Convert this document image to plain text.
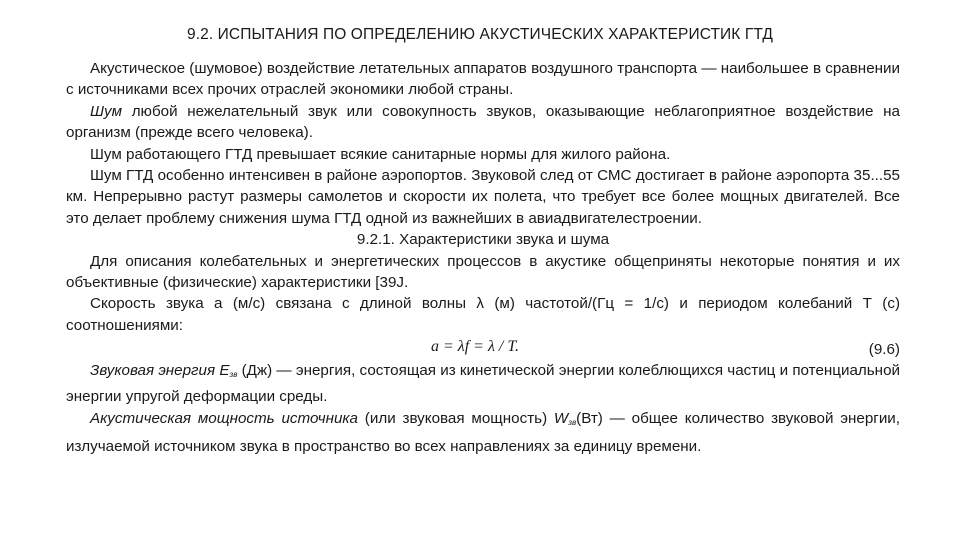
9.2. ИСПЫТАНИЯ ПО ОПРЕДЕЛЕНИЮ АКУСТИЧЕСКИХ ХАРАКТЕРИСТИК ГТД

Акустическое (шумовое) воздействие летательных аппаратов воздушного транспорта — наибольшее в сравнении с источниками всех прочих отраслей экономики любой страны.

Шум любой нежелательный звук или совокупность звуков, оказывающие неблагоприятное воздействие на организм (прежде всего человека).

Шум работающего ГТД превышает всякие санитарные нормы для жилого района.

Шум ГТД особенно интенсивен в районе аэропортов. Звуковой след от СМС достигает в районе аэропорта 35...55 км. Непрерывно растут размеры самолетов и скорости их полета, что требует все более мощных двигателей. Все это делает проблему снижения шума ГТД одной из важнейших в авиадвигателестроении.

9.2.1. Характеристики звука и шума

Для описания колебательных и энергетических процессов в акустике общеприняты некоторые понятия и их объективные (физические) характеристики [39J.

Скорость звука а (м/с) связана с длиной волны λ (м) частотой/(Гц = 1/с) и периодом колебаний Т (с) соотношениями:

a = λf = λ / T.	(9.6)

Звуковая энергия $E_{зв}$ (Дж) — энергия, состоящая из кинетической энергии колеблющихся частиц и потенциальной энергии упругой деформации среды.

Акустическая мощность источника (или звуковая мощность) $W_{зв}(Вт)$ — общее количество звуковой энергии, излучаемой источником звука в пространство во всех направлениях за единицу времени.
